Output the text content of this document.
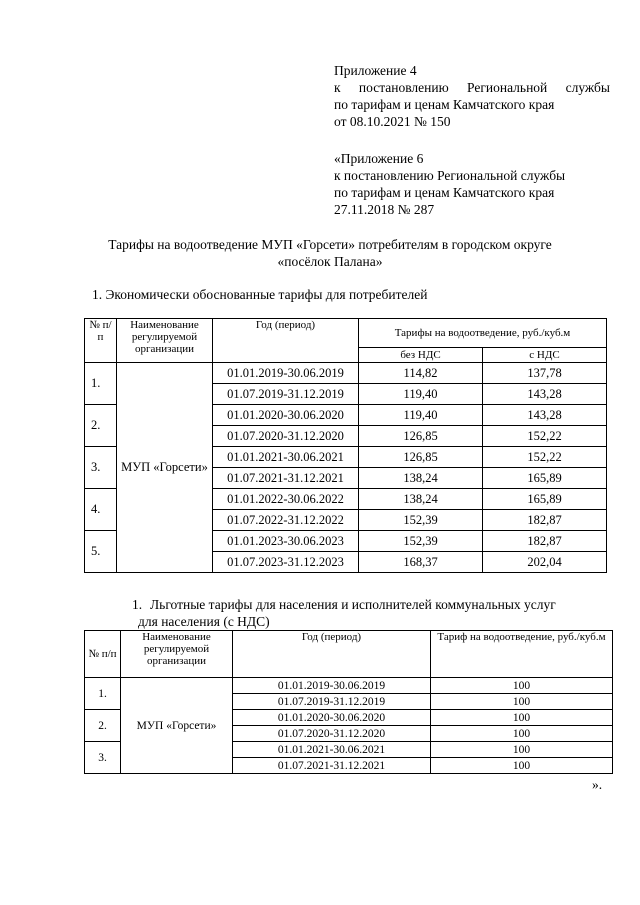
Приложение 4
к постановлению Региональной службы
по тарифам и ценам Камчатского края
от 08.10.2021 № 150
«Приложение 6
к постановлению Региональной службы
по тарифам и ценам Камчатского края
27.11.2018 № 287
Тарифы на водоотведение МУП «Горсети» потребителям в городском округе
«посёлок Палана»
1. Экономически обоснованные тарифы для потребителей
№ п/п	Наименование регулируемой организации	Год (период)	Тарифы на водоотведение, руб./куб.м	
			без НДС	с НДС
1.	МУП «Горсети»	01.01.2019-30.06.2019	114,82	137,78
		01.07.2019-31.12.2019	119,40	143,28
2.		01.01.2020-30.06.2020	119,40	143,28
		01.07.2020-31.12.2020	126,85	152,22
3.		01.01.2021-30.06.2021	126,85	152,22
		01.07.2021-31.12.2021	138,24	165,89
4.		01.01.2022-30.06.2022	138,24	165,89
		01.07.2022-31.12.2022	152,39	182,87
5.		01.01.2023-30.06.2023	152,39	182,87
		01.07.2023-31.12.2023	168,37	202,04
1. Льготные тарифы для населения и исполнителей коммунальных услуг
для населения (с НДС)
№ п/п	Наименование регулируемой организации	Год (период)	Тариф на водоотведение, руб./куб.м
1.	МУП «Горсети»	01.01.2019-30.06.2019	100
		01.07.2019-31.12.2019	100
2.		01.01.2020-30.06.2020	100
		01.07.2020-31.12.2020	100
3.		01.01.2021-30.06.2021	100
		01.07.2021-31.12.2021	100
».
